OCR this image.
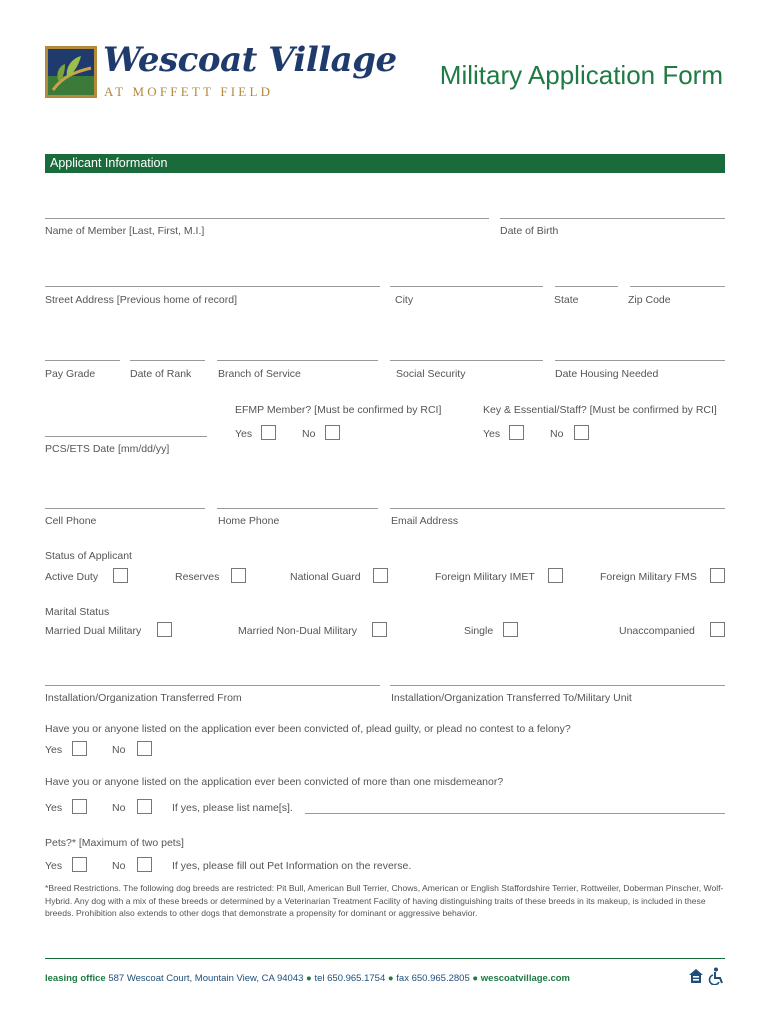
Wescoat Village
AT MOFFETT FIELD
Military Application Form
Applicant Information
Name of Member [Last, First, M.I.]	Date of Birth
Street Address [Previous home of record]	City	State	Zip Code
Pay Grade	Date of Rank	Branch of Service	Social Security	Date Housing Needed
EFMP Member? [Must be confirmed by RCI]	Key & Essential/Staff? [Must be confirmed by RCI]
Yes	No	Yes	No
PCS/ETS Date [mm/dd/yy]
Cell Phone	Home Phone	Email Address
Status of Applicant
Active Duty	Reserves	National Guard	Foreign Military IMET	Foreign Military FMS
Marital Status
Married Dual Military	Married Non-Dual Military	Single	Unaccompanied
Installation/Organization Transferred From	Installation/Organization Transferred To/Military Unit
Have you or anyone listed on the application ever been convicted of, plead guilty, or plead no contest to a felony?
Yes	No
Have you or anyone listed on the application ever been convicted of more than one misdemeanor?
Yes	No	If yes, please list name[s].
Pets?* [Maximum of two pets]
Yes	No	If yes, please fill out Pet Information on the reverse.
*Breed Restrictions. The following dog breeds are restricted: Pit Bull, American Bull Terrier, Chows, American or English Staffordshire Terrier, Rottweiler, Doberman Pinscher, Wolf-Hybrid. Any dog with a mix of these breeds or determined by a Veterinarian Treatment Facility of having distinguishing traits of these breeds in its makeup, is included in these breeds. Prohibition also extends to other dogs that demonstrate a propensity for dominant or aggressive behavior.
leasing office 587 Wescoat Court, Mountain View, CA 94043 ● tel 650.965.1754 ● fax 650.965.2805 ● wescoatvillage.com
